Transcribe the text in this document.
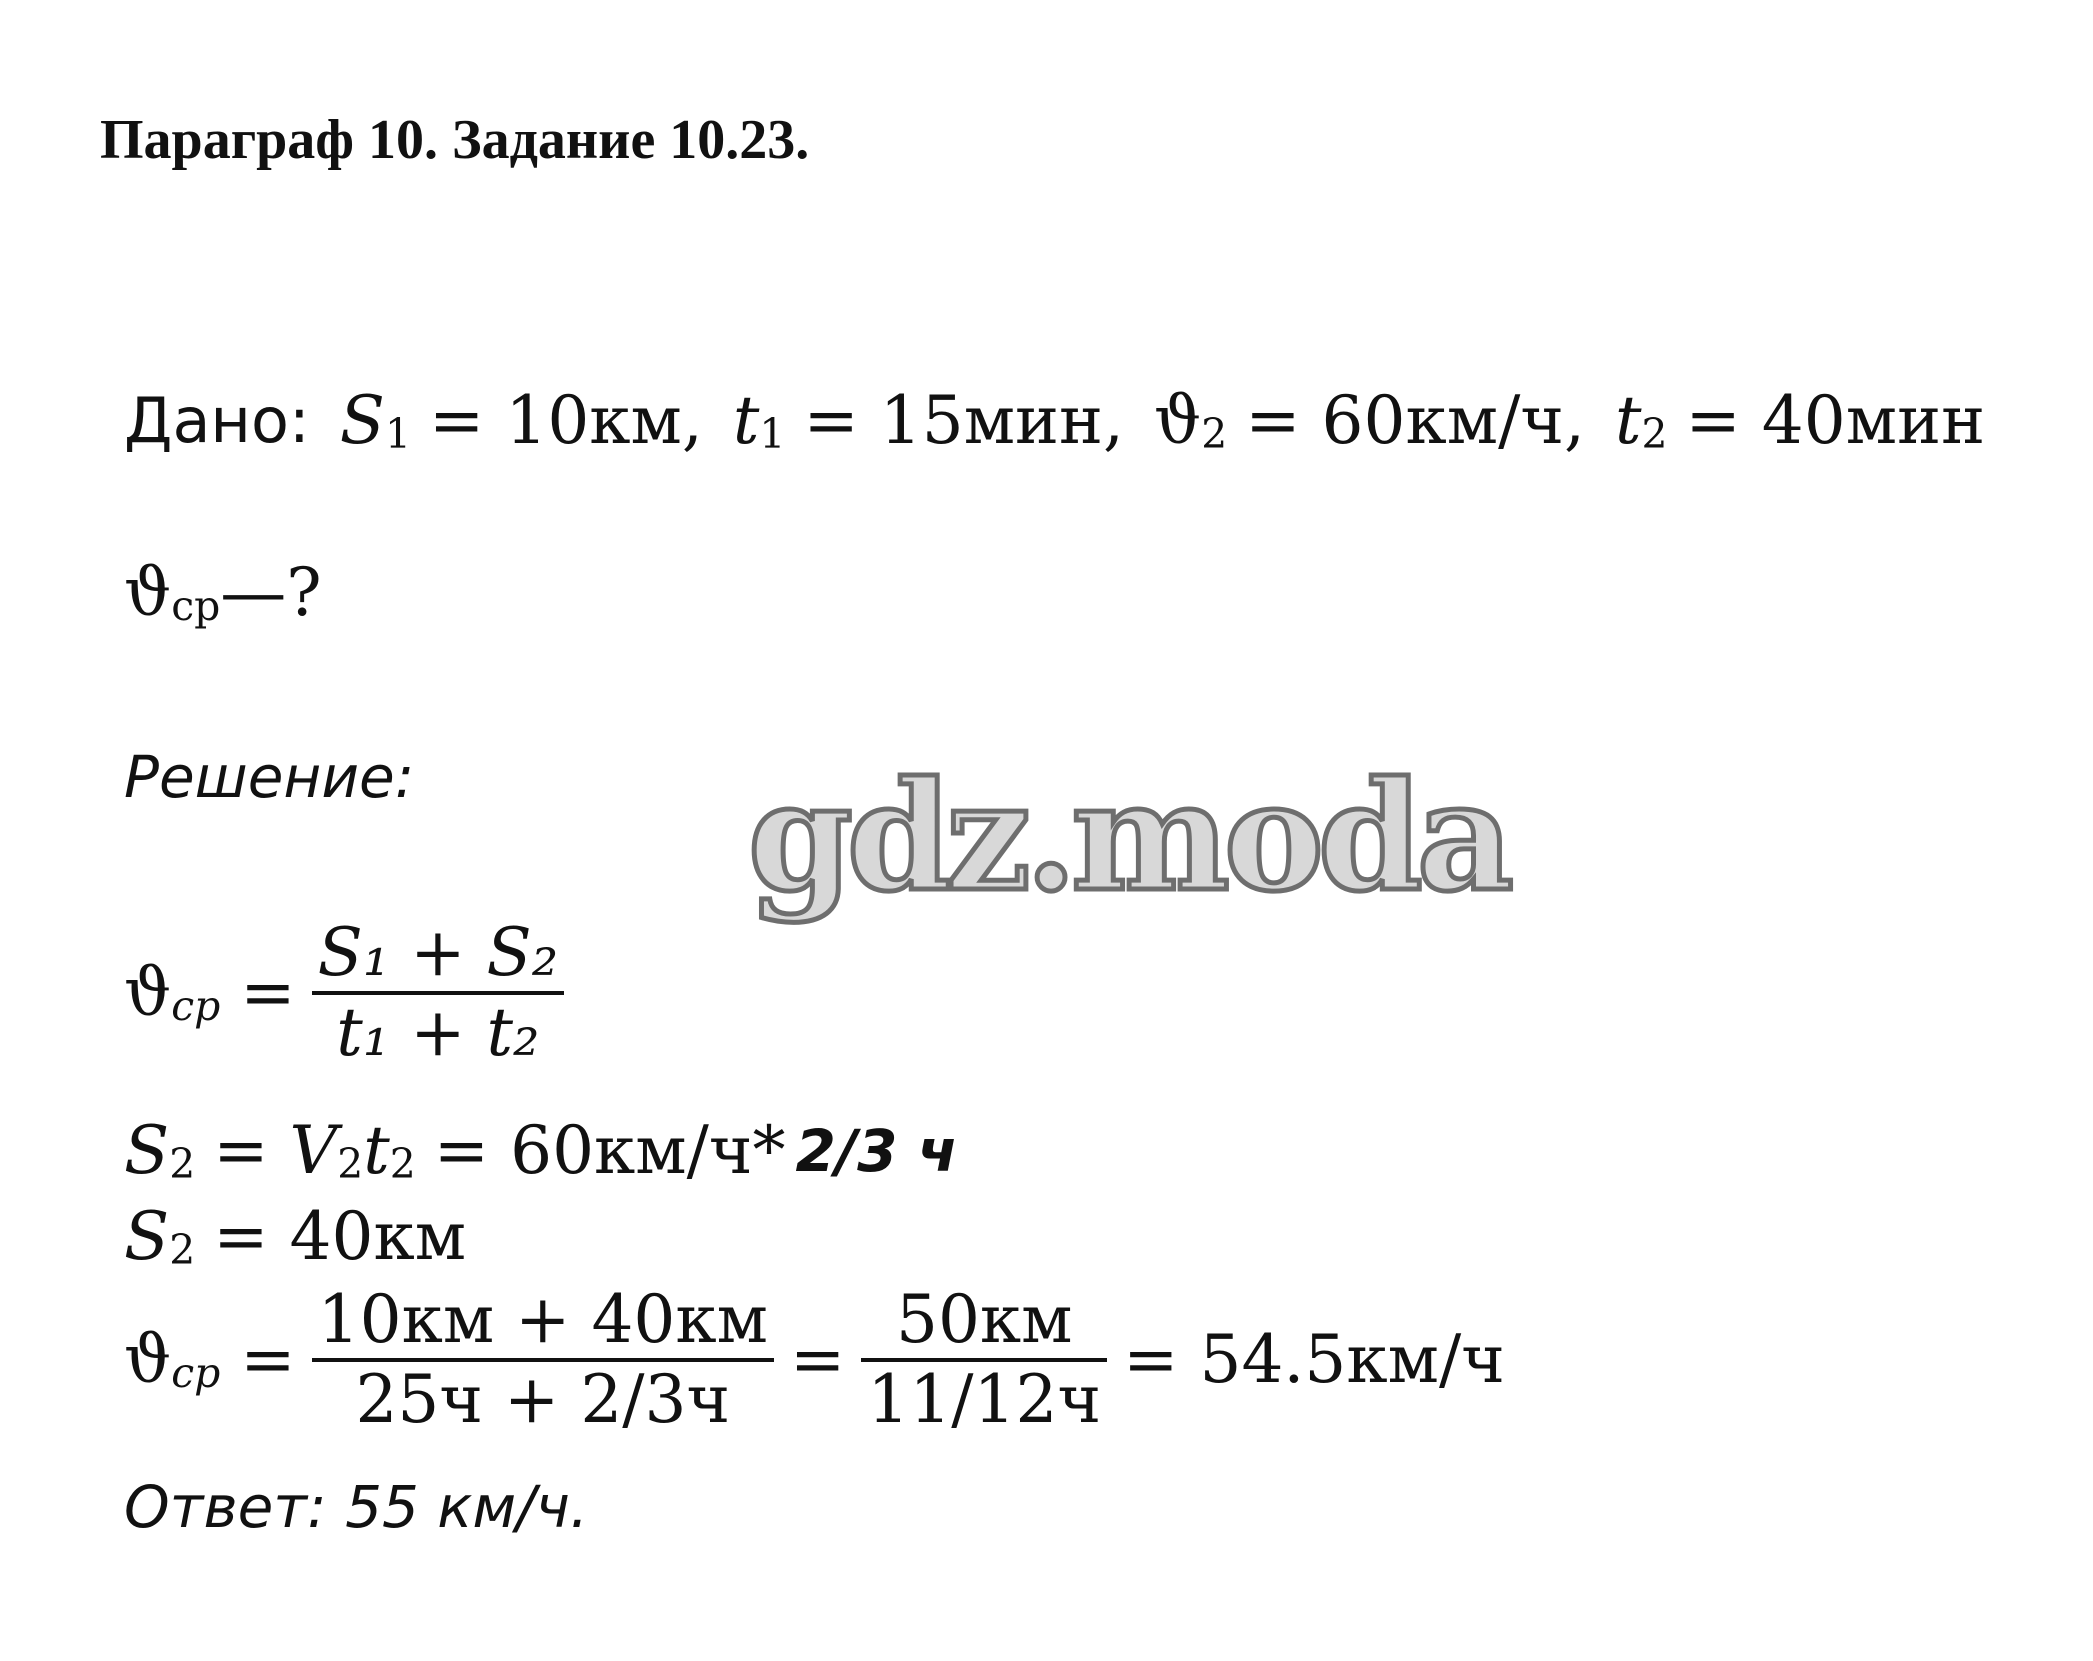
Параграф 10. Задание 10.23.
Дано: S 1 = 10км, t 1 = 15мин, ϑ 2 = 60км/ч, t 2 = 40мин
ϑ ср —?
Решение: gdz.moda
ϑ cp = $\frac{\text{S₁ + S₂}}{\text{t₁ + t₂}}$
S 2 = V 2 t 2 = 60км/ч* 2/3 ч
S 2 = 40км
ϑ cp = $\frac{10км + 40км}{25ч + 2/3ч} = \frac{50км}{11/12ч} = 54.5км/ч$
Ответ: 55 км/ч.
